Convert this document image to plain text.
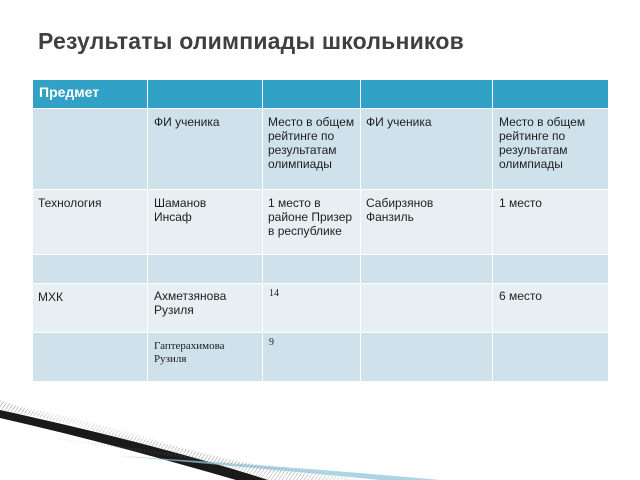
Результаты олимпиады школьников
Предмет				

	ФИ ученика	Место в общем рейтинге по результатам олимпиады	ФИ ученика	Место в общем рейтинге по результатам олимпиады

Технология	Шаманов Инсаф	1 место в районе Призер в республике	Сабирзянов Фанзиль	1 место

МХК	Ахметзянова Рузиля	14		6 место

	Гаптерахимова Рузиля	9		
